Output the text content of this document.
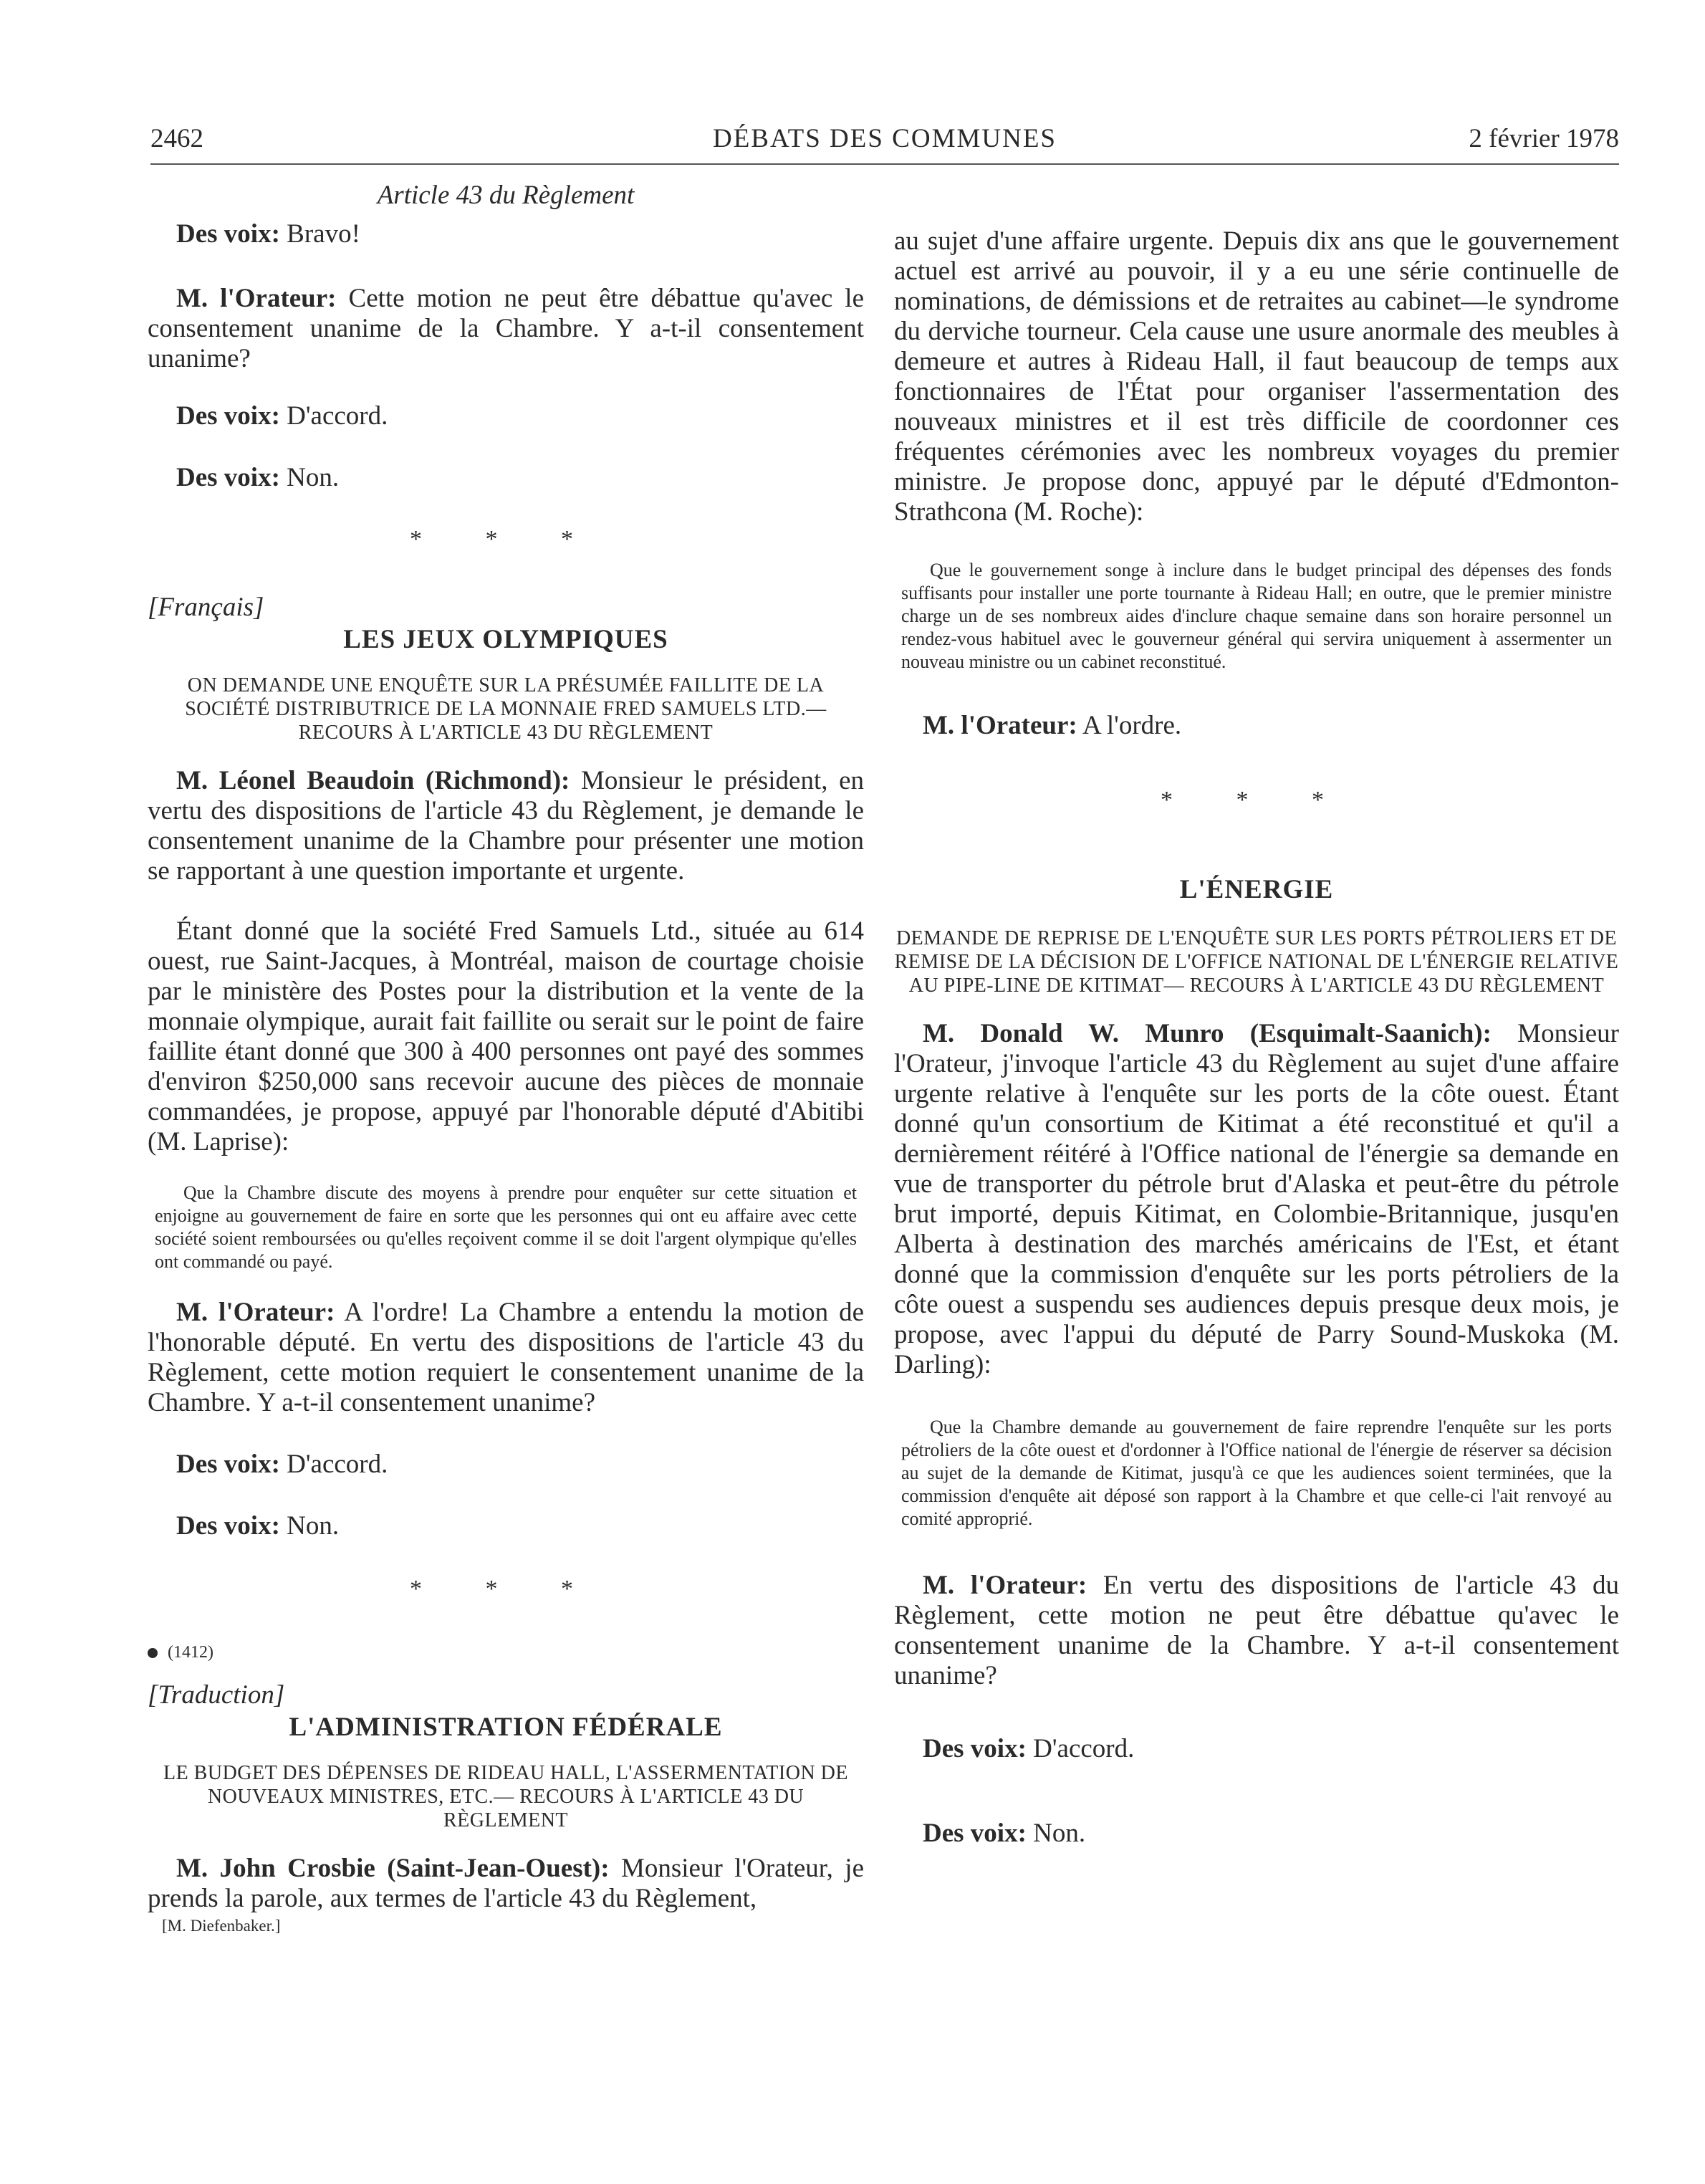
2462	DÉBATS DES COMMUNES	2 février 1978

Article 43 du Règlement

Des voix: Bravo!

M. l'Orateur: Cette motion ne peut être débattue qu'avec le consentement unanime de la Chambre. Y a-t-il consentement unanime?

Des voix: D'accord.

Des voix: Non.

* * *

[Français]

LES JEUX OLYMPIQUES

ON DEMANDE UNE ENQUÊTE SUR LA PRÉSUMÉE FAILLITE DE LA SOCIÉTÉ DISTRIBUTRICE DE LA MONNAIE FRED SAMUELS LTD.— RECOURS À L'ARTICLE 43 DU RÈGLEMENT

M. Léonel Beaudoin (Richmond): Monsieur le président, en vertu des dispositions de l'article 43 du Règlement, je demande le consentement unanime de la Chambre pour présenter une motion se rapportant à une question importante et urgente.

Étant donné que la société Fred Samuels Ltd., située au 614 ouest, rue Saint-Jacques, à Montréal, maison de courtage choisie par le ministère des Postes pour la distribution et la vente de la monnaie olympique, aurait fait faillite ou serait sur le point de faire faillite étant donné que 300 à 400 personnes ont payé des sommes d'environ $250,000 sans recevoir aucune des pièces de monnaie commandées, je propose, appuyé par l'honorable député d'Abitibi (M. Laprise):

Que la Chambre discute des moyens à prendre pour enquêter sur cette situation et enjoigne au gouvernement de faire en sorte que les personnes qui ont eu affaire avec cette société soient remboursées ou qu'elles reçoivent comme il se doit l'argent olympique qu'elles ont commandé ou payé.

M. l'Orateur: A l'ordre! La Chambre a entendu la motion de l'honorable député. En vertu des dispositions de l'article 43 du Règlement, cette motion requiert le consentement unanime de la Chambre. Y a-t-il consentement unanime?

Des voix: D'accord.

Des voix: Non.

* * *

(1412)

[Traduction]

L'ADMINISTRATION FÉDÉRALE

LE BUDGET DES DÉPENSES DE RIDEAU HALL, L'ASSERMENTATION DE NOUVEAUX MINISTRES, ETC.— RECOURS À L'ARTICLE 43 DU RÈGLEMENT

M. John Crosbie (Saint-Jean-Ouest): Monsieur l'Orateur, je prends la parole, aux termes de l'article 43 du Règlement,

[M. Diefenbaker.]

au sujet d'une affaire urgente. Depuis dix ans que le gouvernement actuel est arrivé au pouvoir, il y a eu une série continuelle de nominations, de démissions et de retraites au cabinet—le syndrome du derviche tourneur. Cela cause une usure anormale des meubles à demeure et autres à Rideau Hall, il faut beaucoup de temps aux fonctionnaires de l'État pour organiser l'assermentation des nouveaux ministres et il est très difficile de coordonner ces fréquentes cérémonies avec les nombreux voyages du premier ministre. Je propose donc, appuyé par le député d'Edmonton-Strathcona (M. Roche):

Que le gouvernement songe à inclure dans le budget principal des dépenses des fonds suffisants pour installer une porte tournante à Rideau Hall; en outre, que le premier ministre charge un de ses nombreux aides d'inclure chaque semaine dans son horaire personnel un rendez-vous habituel avec le gouverneur général qui servira uniquement à assermenter un nouveau ministre ou un cabinet reconstitué.

M. l'Orateur: A l'ordre.

* * *

L'ÉNERGIE

DEMANDE DE REPRISE DE L'ENQUÊTE SUR LES PORTS PÉTROLIERS ET DE REMISE DE LA DÉCISION DE L'OFFICE NATIONAL DE L'ÉNERGIE RELATIVE AU PIPE-LINE DE KITIMAT— RECOURS À L'ARTICLE 43 DU RÈGLEMENT

M. Donald W. Munro (Esquimalt-Saanich): Monsieur l'Orateur, j'invoque l'article 43 du Règlement au sujet d'une affaire urgente relative à l'enquête sur les ports de la côte ouest. Étant donné qu'un consortium de Kitimat a été reconstitué et qu'il a dernièrement réitéré à l'Office national de l'énergie sa demande en vue de transporter du pétrole brut d'Alaska et peut-être du pétrole brut importé, depuis Kitimat, en Colombie-Britannique, jusqu'en Alberta à destination des marchés américains de l'Est, et étant donné que la commission d'enquête sur les ports pétroliers de la côte ouest a suspendu ses audiences depuis presque deux mois, je propose, avec l'appui du député de Parry Sound-Muskoka (M. Darling):

Que la Chambre demande au gouvernement de faire reprendre l'enquête sur les ports pétroliers de la côte ouest et d'ordonner à l'Office national de l'énergie de réserver sa décision au sujet de la demande de Kitimat, jusqu'à ce que les audiences soient terminées, que la commission d'enquête ait déposé son rapport à la Chambre et que celle-ci l'ait renvoyé au comité approprié.

M. l'Orateur: En vertu des dispositions de l'article 43 du Règlement, cette motion ne peut être débattue qu'avec le consentement unanime de la Chambre. Y a-t-il consentement unanime?

Des voix: D'accord.

Des voix: Non.
